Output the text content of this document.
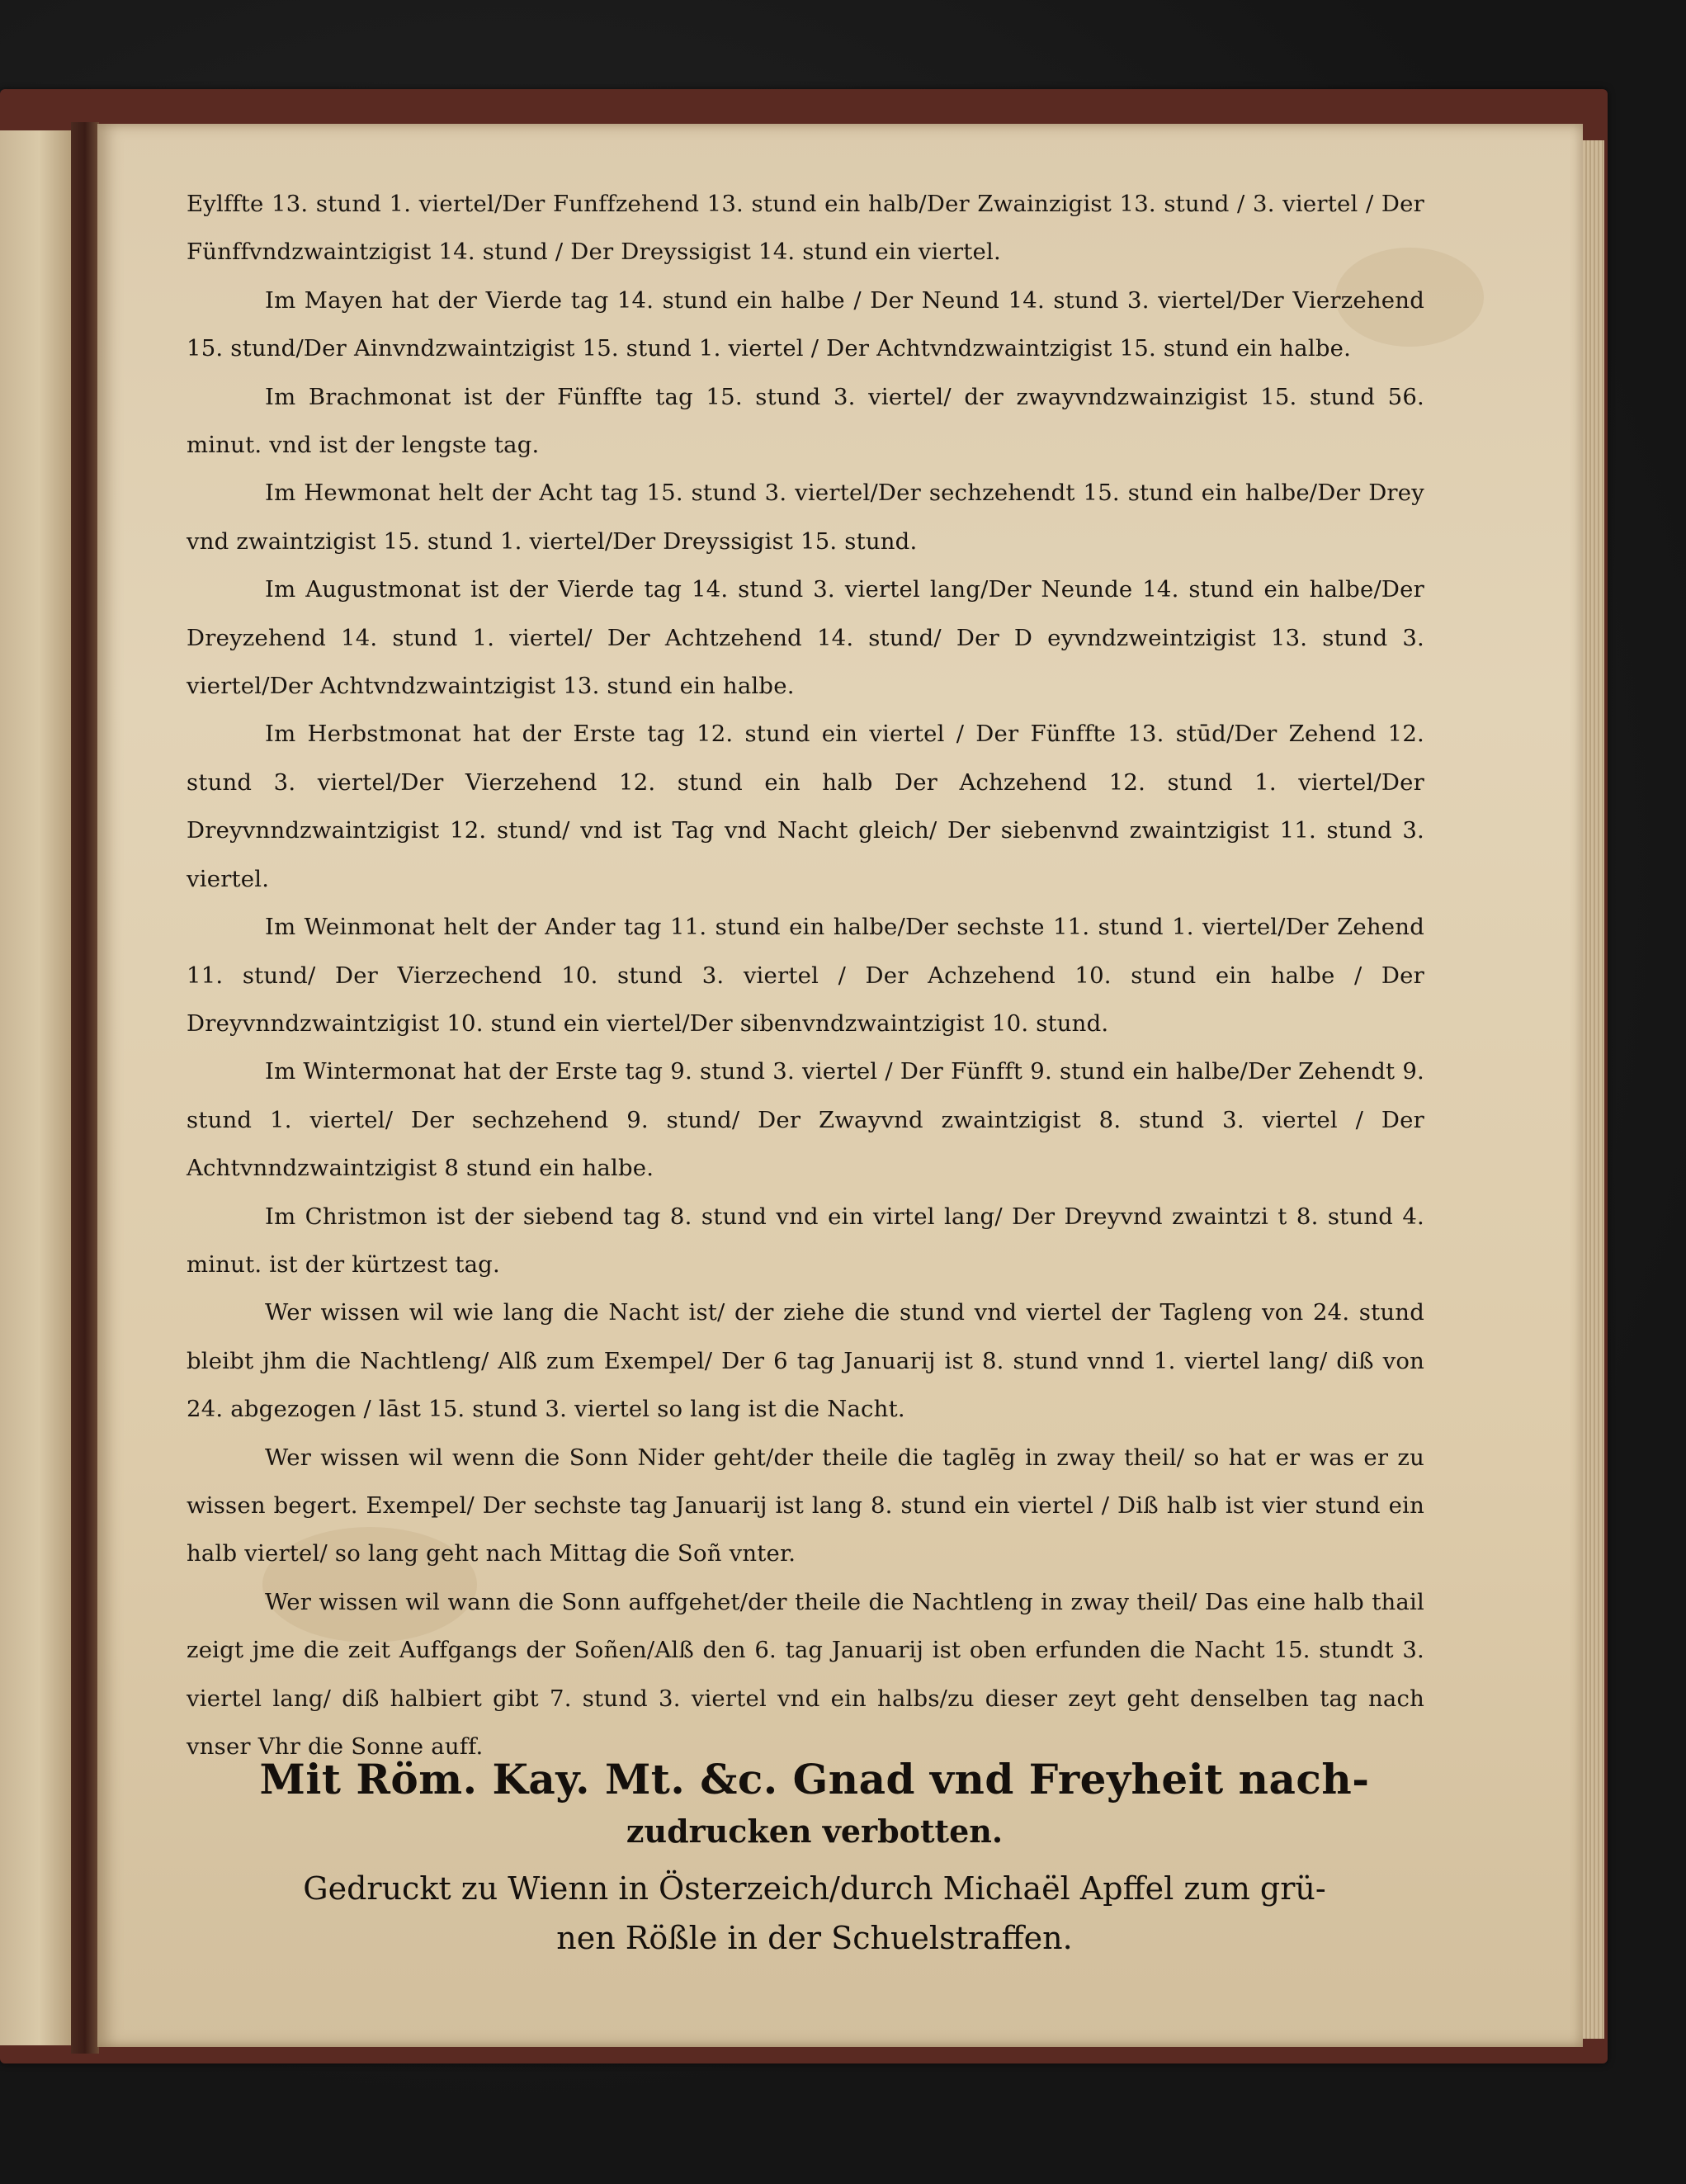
Eylffte 13. stund 1. viertel/Der Funffzehend 13. stund ein halb/Der Zwainzigist 13. stund / 3. viertel / Der Fünffvndzwaintzigist 14. stund / Der Dreyssigist 14. stund ein viertel.

Im Mayen hat der Vierde tag 14. stund ein halbe / Der Neund 14. stund 3. viertel/Der Vierzehend 15. stund/Der Ainvndzwaintzigist 15. stund 1. viertel / Der Achtvndzwaintzigist 15. stund ein halbe.

Im Brachmonat ist der Fünffte tag 15. stund 3. viertel/ der zwayvndzwainzigist 15. stund 56. minut. vnd ist der lengste tag.

Im Hewmonat helt der Acht tag 15. stund 3. viertel/Der sechzehendt 15. stund ein halbe/Der Drey vnd zwaintzigist 15. stund 1. viertel/Der Dreyssigist 15. stund.

Im Augustmonat ist der Vierde tag 14. stund 3. viertel lang/Der Neunde 14. stund ein halbe/Der Dreyzehend 14. stund 1. viertel/ Der Achtzehend 14. stund/ Der D eyvndzweintzigist 13. stund 3. viertel/Der Achtvndzwaintzigist 13. stund ein halbe.

Im Herbstmonat hat der Erste tag 12. stund ein viertel / Der Fünffte 13. stūd/Der Zehend 12. stund 3. viertel/Der Vierzehend 12. stund ein halb Der Achzehend 12. stund 1. viertel/Der Dreyvnndzwaintzigist 12. stund/ vnd ist Tag vnd Nacht gleich/ Der siebenvnd zwaintzigist 11. stund 3. viertel.

Im Weinmonat helt der Ander tag 11. stund ein halbe/Der sechste 11. stund 1. viertel/Der Zehend 11. stund/ Der Vierzechend 10. stund 3. viertel / Der Achzehend 10. stund ein halbe / Der Dreyvnndzwaintzigist 10. stund ein viertel/Der sibenvndzwaintzigist 10. stund.

Im Wintermonat hat der Erste tag 9. stund 3. viertel / Der Fünfft 9. stund ein halbe/Der Zehendt 9. stund 1. viertel/ Der sechzehend 9. stund/ Der Zwayvnd zwaintzigist 8. stund 3. viertel / Der Achtvnndzwaintzigist 8 stund ein halbe.

Im Christmon ist der siebend tag 8. stund vnd ein virtel lang/ Der Dreyvnd zwaintzi t 8. stund 4. minut. ist der kürtzest tag.

Wer wissen wil wie lang die Nacht ist/ der ziehe die stund vnd viertel der Tagleng von 24. stund bleibt jhm die Nachtleng/ Alß zum Exempel/ Der 6 tag Januarij ist 8. stund vnnd 1. viertel lang/ diß von 24. abgezogen / lāst 15. stund 3. viertel so lang ist die Nacht.

Wer wissen wil wenn die Sonn Nider geht/der theile die taglēg in zway theil/ so hat er was er zu wissen begert. Exempel/ Der sechste tag Januarij ist lang 8. stund ein viertel / Diß halb ist vier stund ein halb viertel/ so lang geht nach Mittag die Soñ vnter.

Wer wissen wil wann die Sonn auffgehet/der theile die Nachtleng in zway theil/ Das eine halb thail zeigt jme die zeit Auffgangs der Soñen/Alß den 6. tag Januarij ist oben erfunden die Nacht 15. stundt 3. viertel lang/ diß halbiert gibt 7. stund 3. viertel vnd ein halbs/zu dieser zeyt geht denselben tag nach vnser Vhr die Sonne auff.

Mit Röm. Kay. Mt. &c. Gnad vnd Freyheit nach-
zudrucken verbotten.
Gedruckt zu Wienn in Österzeich/durch Michaël Apffel zum grü-
nen Rößle in der Schuelstraffen.
